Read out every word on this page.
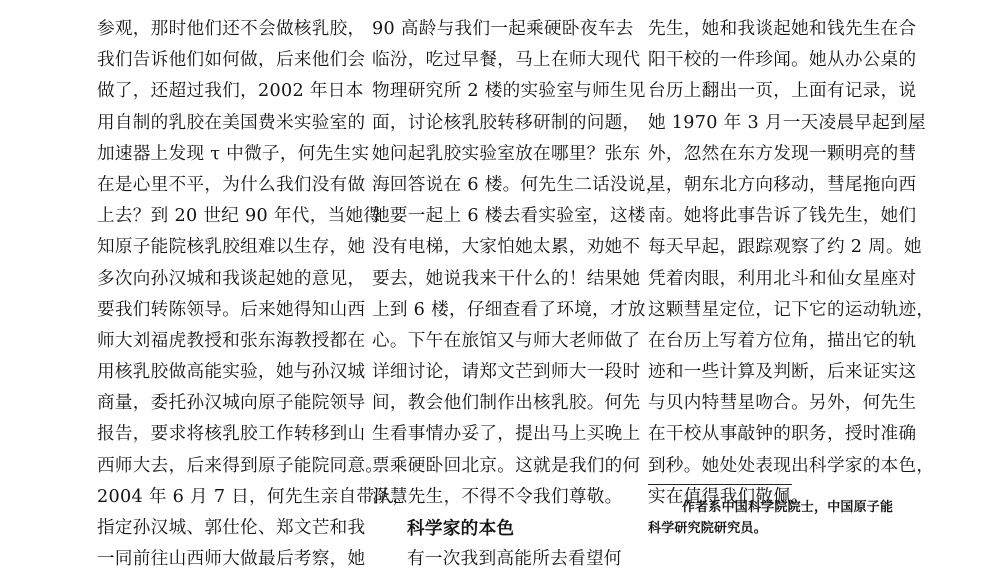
参观，那时他们还不会做核乳胶，
我们告诉他们如何做，后来他们会
做了，还超过我们，2002 年日本
用自制的乳胶在美国费米实验室的
加速器上发现 τ 中微子，何先生实
在是心里不平，为什么我们没有做
上去？到 20 世纪 90 年代，当她得
知原子能院核乳胶组难以生存，她
多次向孙汉城和我谈起她的意见，
要我们转陈领导。后来她得知山西
师大刘福虎教授和张东海教授都在
用核乳胶做高能实验，她与孙汉城
商量，委托孙汉城向原子能院领导
报告，要求将核乳胶工作转移到山
西师大去，后来得到原子能院同意。
2004 年 6 月 7 日，何先生亲自带队，
指定孙汉城、郭仕伦、郑文芒和我
一同前往山西师大做最后考察，她
90 高龄与我们一起乘硬卧夜车去
临汾，吃过早餐，马上在师大现代
物理研究所 2 楼的实验室与师生见
面，讨论核乳胶转移研制的问题，
她问起乳胶实验室放在哪里？张东
海回答说在 6 楼。何先生二话没说，
她要一起上 6 楼去看实验室，这楼
没有电梯，大家怕她太累，劝她不
要去，她说我来干什么的！结果她
上到 6 楼，仔细查看了环境，才放
心。下午在旅馆又与师大老师做了
详细讨论，请郑文芒到师大一段时
间，教会他们制作出核乳胶。何先
生看事情办妥了，提出马上买晚上
票乘硬卧回北京。这就是我们的何
泽慧先生，不得不令我们尊敬。
科学家的本色
有一次我到高能所去看望何
先生，她和我谈起她和钱先生在合
阳干校的一件珍闻。她从办公桌的
台历上翻出一页，上面有记录，说
她 1970 年 3 月一天凌晨早起到屋
外，忽然在东方发现一颗明亮的彗
星，朝东北方向移动，彗尾拖向西
南。她将此事告诉了钱先生，她们
每天早起，跟踪观察了约 2 周。她
凭着肉眼，利用北斗和仙女星座对
这颗彗星定位，记下它的运动轨迹，
在台历上写着方位角，描出它的轨
迹和一些计算及判断，后来证实这
与贝内特彗星吻合。另外，何先生
在干校从事敲钟的职务，授时准确
到秒。她处处表现出科学家的本色，
实在值得我们敬佩。
作者系中国科学院院士，中国原子能
科学研究院研究员。
